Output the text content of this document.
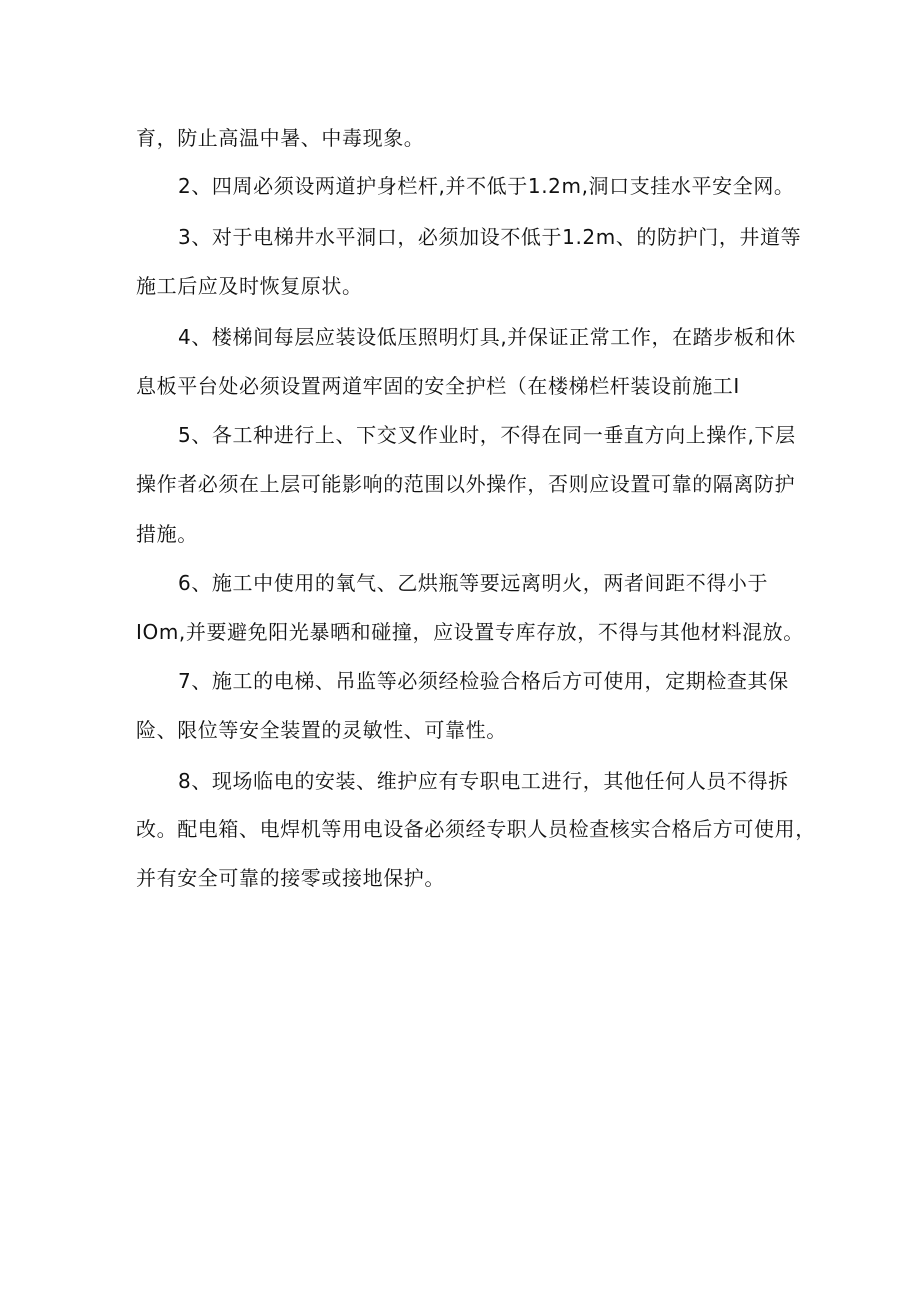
育，防止高温中暑、中毒现象。
2、四周必须设两道护身栏杆,并不低于1.2m,洞口支挂水平安全网。
3、对于电梯井水平洞口，必须加设不低于1.2m、的防护门，井道等
施工后应及时恢复原状。
4、楼梯间每层应装设低压照明灯具,并保证正常工作，在踏步板和休
息板平台处必须设置两道牢固的安全护栏（在楼梯栏杆装设前施工I
5、各工种进行上、下交叉作业时，不得在同一垂直方向上操作,下层
操作者必须在上层可能影响的范围以外操作，否则应设置可靠的隔离防护
措施。
6、施工中使用的氧气、乙烘瓶等要远离明火，两者间距不得小于
IOm,并要避免阳光暴晒和碰撞，应设置专库存放，不得与其他材料混放。
7、施工的电梯、吊监等必须经检验合格后方可使用，定期检查其保
险、限位等安全装置的灵敏性、可靠性。
8、现场临电的安装、维护应有专职电工进行，其他任何人员不得拆
改。配电箱、电焊机等用电设备必须经专职人员检查核实合格后方可使用，
并有安全可靠的接零或接地保护。
